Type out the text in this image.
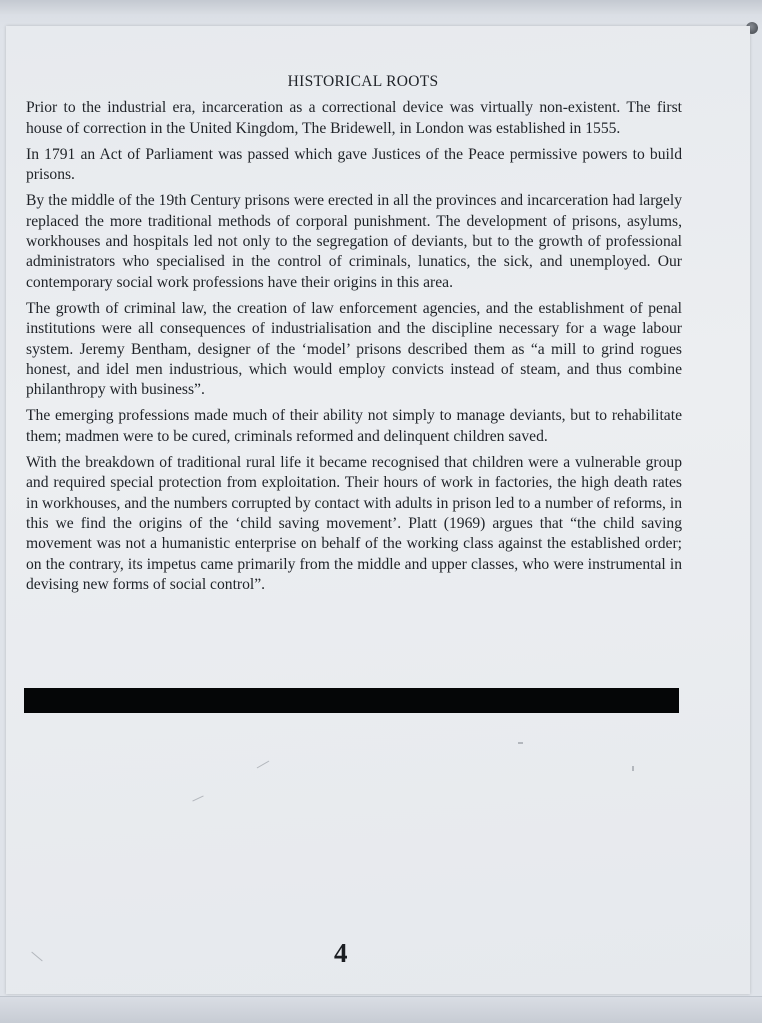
HISTORICAL ROOTS

Prior to the industrial era, incarceration as a correctional device was virtually non-existent. The first house of correction in the United Kingdom, The Bridewell, in London was established in 1555.

In 1791 an Act of Parliament was passed which gave Justices of the Peace permissive powers to build prisons.

By the middle of the 19th Century prisons were erected in all the provinces and incarceration had largely replaced the more traditional methods of corporal punishment. The development of prisons, asylums, workhouses and hospitals led not only to the segregation of deviants, but to the growth of professional administrators who specialised in the control of criminals, lunatics, the sick, and unemployed. Our contemporary social work professions have their origins in this area.

The growth of criminal law, the creation of law enforcement agencies, and the establishment of penal institutions were all consequences of industrialisation and the discipline necessary for a wage labour system. Jeremy Bentham, designer of the ‘model’ prisons described them as “a mill to grind rogues honest, and idel men industrious, which would employ convicts instead of steam, and thus combine philanthropy with business”.

The emerging professions made much of their ability not simply to manage deviants, but to rehabilitate them; madmen were to be cured, criminals reformed and delinquent children saved.

With the breakdown of traditional rural life it became recognised that children were a vulnerable group and required special protection from exploitation. Their hours of work in factories, the high death rates in workhouses, and the numbers corrupted by contact with adults in prison led to a number of reforms, in this we find the origins of the ‘child saving movement’. Platt (1969) argues that “the child saving movement was not a humanistic enterprise on behalf of the working class against the established order; on the contrary, its impetus came primarily from the middle and upper classes, who were instrumental in devising new forms of social control”.

4
